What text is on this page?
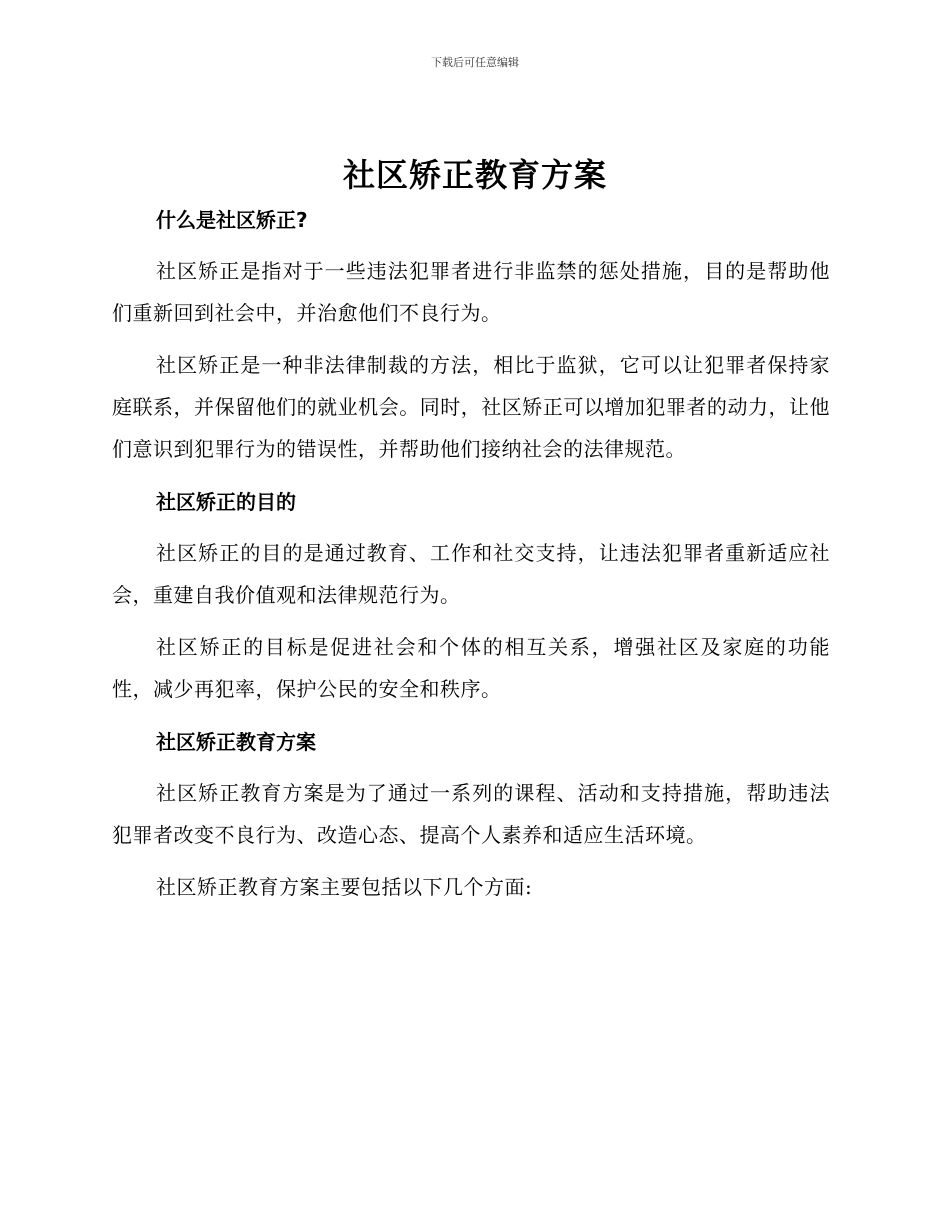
下载后可任意编辑
社区矫正教育方案
什么是社区矫正?

社区矫正是指对于一些违法犯罪者进行非监禁的惩处措施，目的是帮助他们重新回到社会中，并治愈他们不良行为。

社区矫正是一种非法律制裁的方法，相比于监狱，它可以让犯罪者保持家庭联系，并保留他们的就业机会。同时，社区矫正可以增加犯罪者的动力，让他们意识到犯罪行为的错误性，并帮助他们接纳社会的法律规范。

社区矫正的目的

社区矫正的目的是通过教育、工作和社交支持，让违法犯罪者重新适应社会，重建自我价值观和法律规范行为。

社区矫正的目标是促进社会和个体的相互关系，增强社区及家庭的功能性，减少再犯率，保护公民的安全和秩序。

社区矫正教育方案

社区矫正教育方案是为了通过一系列的课程、活动和支持措施，帮助违法犯罪者改变不良行为、改造心态、提高个人素养和适应生活环境。

社区矫正教育方案主要包括以下几个方面:
